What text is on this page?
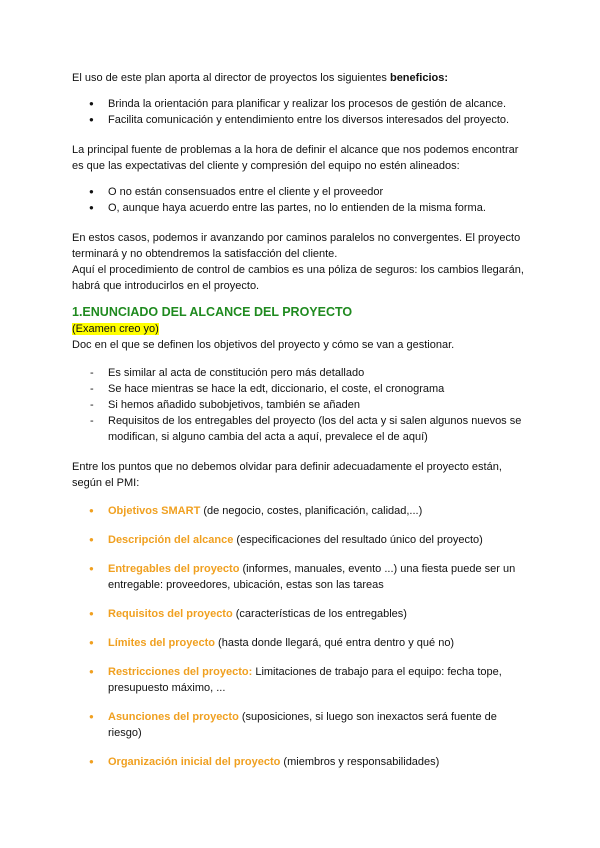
El uso de este plan aporta al director de proyectos los siguientes beneficios:

● Brinda la orientación para planificar y realizar los procesos de gestión de alcance.
● Facilita comunicación y entendimiento entre los diversos interesados del proyecto.

La principal fuente de problemas a la hora de definir el alcance que nos podemos encontrar es que las expectativas del cliente y compresión del equipo no estén alineados:

● O no están consensuados entre el cliente y el proveedor
● O, aunque haya acuerdo entre las partes, no lo entienden de la misma forma.

En estos casos, podemos ir avanzando por caminos paralelos no convergentes. El proyecto terminará y no obtendremos la satisfacción del cliente.

Aquí el procedimiento de control de cambios es una póliza de seguros: los cambios llegarán, habrá que introducirlos en el proyecto.

1.ENUNCIADO DEL ALCANCE DEL PROYECTO

(Examen creo yo)

Doc en el que se definen los objetivos del proyecto y cómo se van a gestionar.

- Es similar al acta de constitución pero más detallado
- Se hace mientras se hace la edt, diccionario, el coste, el cronograma
- Si hemos añadido subobjetivos, también se añaden
- Requisitos de los entregables del proyecto (los del acta y si salen algunos nuevos se modifican, si alguno cambia del acta a aquí, prevalece el de aquí)

Entre los puntos que no debemos olvidar para definir adecuadamente el proyecto están, según el PMI:

● Objetivos SMART (de negocio, costes, planificación, calidad,...)
● Descripción del alcance (especificaciones del resultado único del proyecto)
● Entregables del proyecto (informes, manuales, evento ...) una fiesta puede ser un entregable: proveedores, ubicación, estas son las tareas
● Requisitos del proyecto (características de los entregables)
● Límites del proyecto (hasta donde llegará, qué entra dentro y qué no)
● Restricciones del proyecto: Limitaciones de trabajo para el equipo: fecha tope, presupuesto máximo, ...
● Asunciones del proyecto (suposiciones, si luego son inexactos será fuente de riesgo)
● Organización inicial del proyecto (miembros y responsabilidades)
